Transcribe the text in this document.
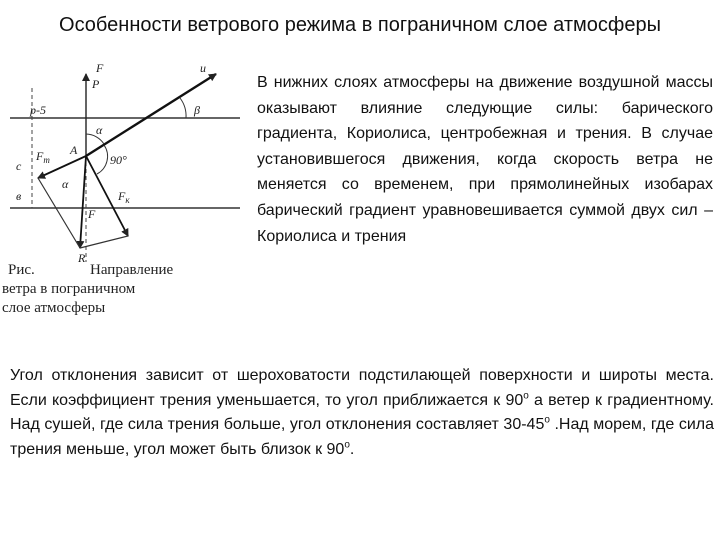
Особенности ветрового режима в пограничном слое атмосферы
p-5
с
в
P
u
β
α
α
A
90°
F
$F_т$
$F_к$
F
R
Рис.	Направление
ветра в пограничном
слое атмосферы
В нижних слоях атмосферы на движение воздушной массы оказывают влияние следующие силы: барического градиента, Кориолиса, центробежная и трения. В случае установившегося движения, когда скорость ветра не меняется со временем, при прямолинейных изобарах барический градиент уравновешивается суммой двух сил – Кориолиса и трения
Угол отклонения зависит от шероховатости подстилающей поверхности и широты места. Если коэффициент трения уменьшается, то угол приближается к $90^о$ а ветер к градиентному. Над сушей, где сила трения больше, угол отклонения составляет $30-45^о$ .Над морем, где сила трения меньше, угол может быть близок к $90^о$.
